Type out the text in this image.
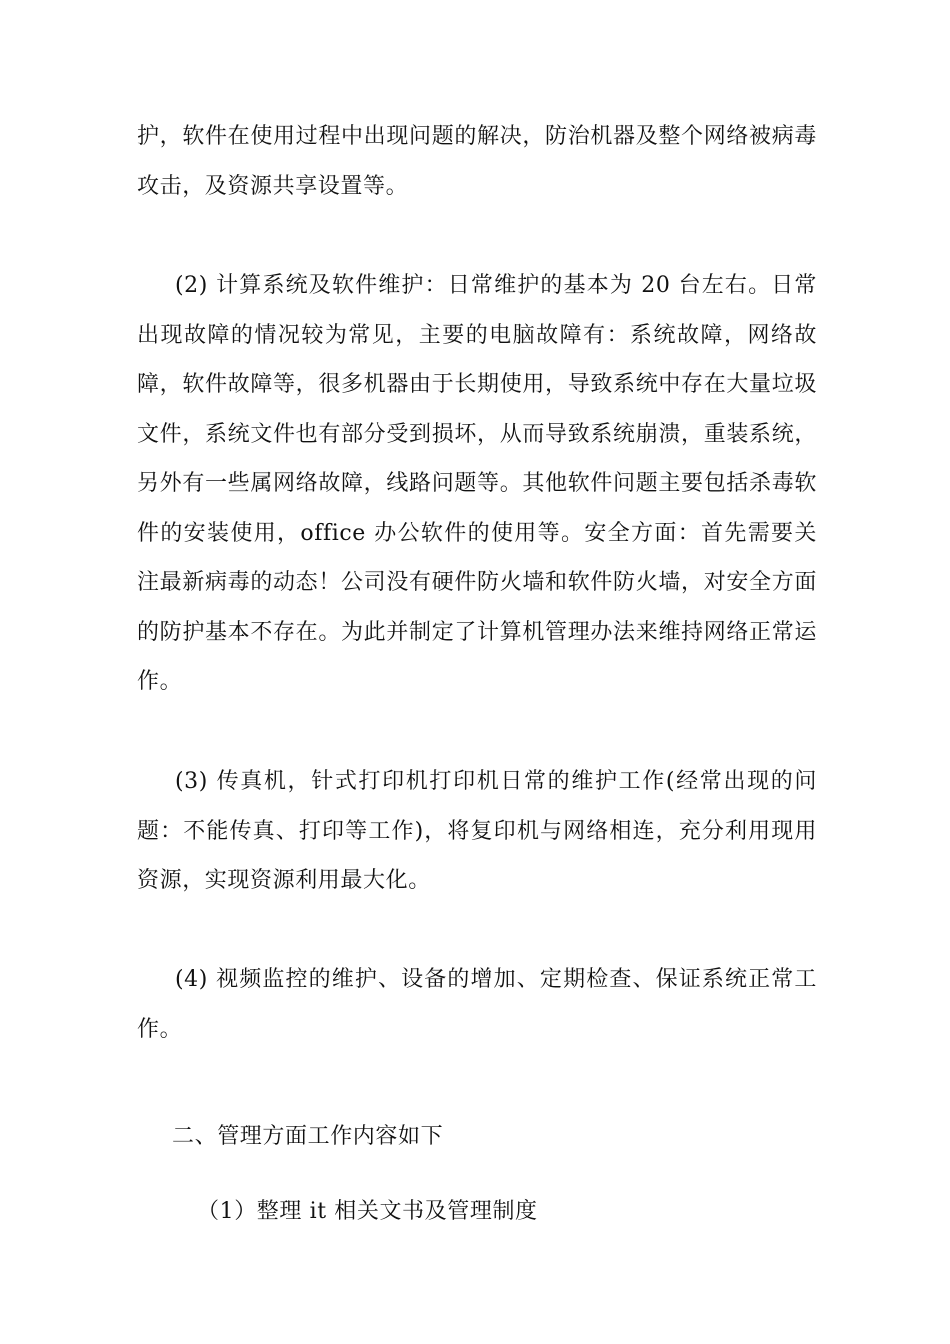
护，软件在使用过程中出现问题的解决，防治机器及整个网络被病毒攻击，及资源共享设置等。

(2) 计算系统及软件维护：日常维护的基本为 20 台左右。日常出现故障的情况较为常见，主要的电脑故障有：系统故障，网络故障，软件故障等，很多机器由于长期使用，导致系统中存在大量垃圾文件，系统文件也有部分受到损坏，从而导致系统崩溃，重装系统，另外有一些属网络故障，线路问题等。其他软件问题主要包括杀毒软件的安装使用，office 办公软件的使用等。安全方面：首先需要关注最新病毒的动态！公司没有硬件防火墙和软件防火墙，对安全方面的防护基本不存在。为此并制定了计算机管理办法来维持网络正常运作。

(3) 传真机，针式打印机打印机日常的维护工作(经常出现的问题：不能传真、打印等工作)，将复印机与网络相连，充分利用现用资源，实现资源利用最大化。

(4) 视频监控的维护、设备的增加、定期检查、保证系统正常工作。

二、管理方面工作内容如下

（1）整理 it 相关文书及管理制度
